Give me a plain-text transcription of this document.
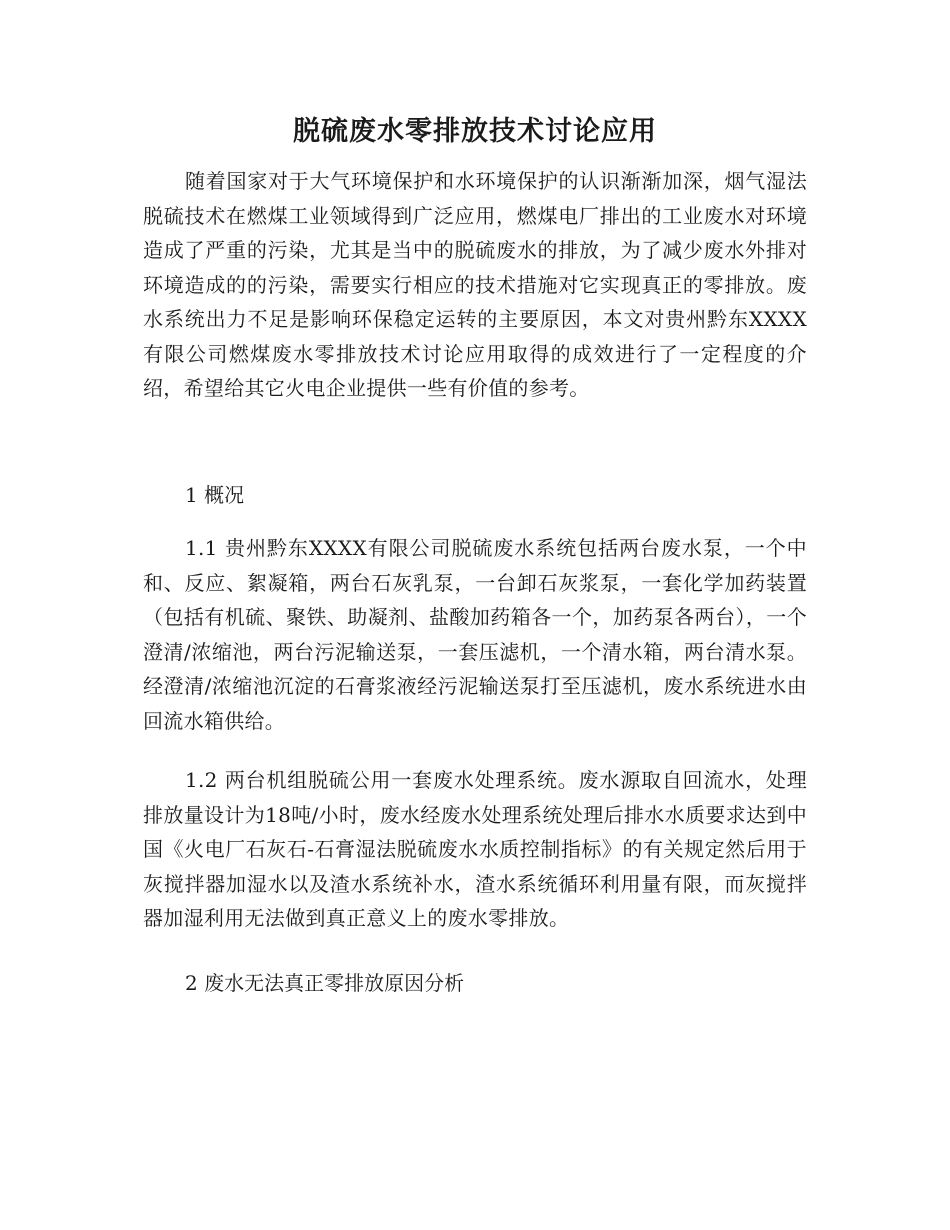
脱硫废水零排放技术讨论应用

随着国家对于大气环境保护和水环境保护的认识渐渐加深，烟气湿法脱硫技术在燃煤工业领域得到广泛应用，燃煤电厂排出的工业废水对环境造成了严重的污染，尤其是当中的脱硫废水的排放，为了减少废水外排对环境造成的的污染，需要实行相应的技术措施对它实现真正的零排放。废水系统出力不足是影响环保稳定运转的主要原因，本文对贵州黔东XXXX有限公司燃煤废水零排放技术讨论应用取得的成效进行了一定程度的介绍，希望给其它火电企业提供一些有价值的参考。

1 概况

1.1 贵州黔东XXXX有限公司脱硫废水系统包括两台废水泵，一个中和、反应、絮凝箱，两台石灰乳泵，一台卸石灰浆泵，一套化学加药装置（包括有机硫、聚铁、助凝剂、盐酸加药箱各一个，加药泵各两台），一个澄清/浓缩池，两台污泥输送泵，一套压滤机，一个清水箱，两台清水泵。经澄清/浓缩池沉淀的石膏浆液经污泥输送泵打至压滤机，废水系统进水由回流水箱供给。

1.2 两台机组脱硫公用一套废水处理系统。废水源取自回流水，处理排放量设计为18吨/小时，废水经废水处理系统处理后排水水质要求达到中国《火电厂石灰石-石膏湿法脱硫废水水质控制指标》的有关规定然后用于灰搅拌器加湿水以及渣水系统补水，渣水系统循环利用量有限，而灰搅拌器加湿利用无法做到真正意义上的废水零排放。

2 废水无法真正零排放原因分析
